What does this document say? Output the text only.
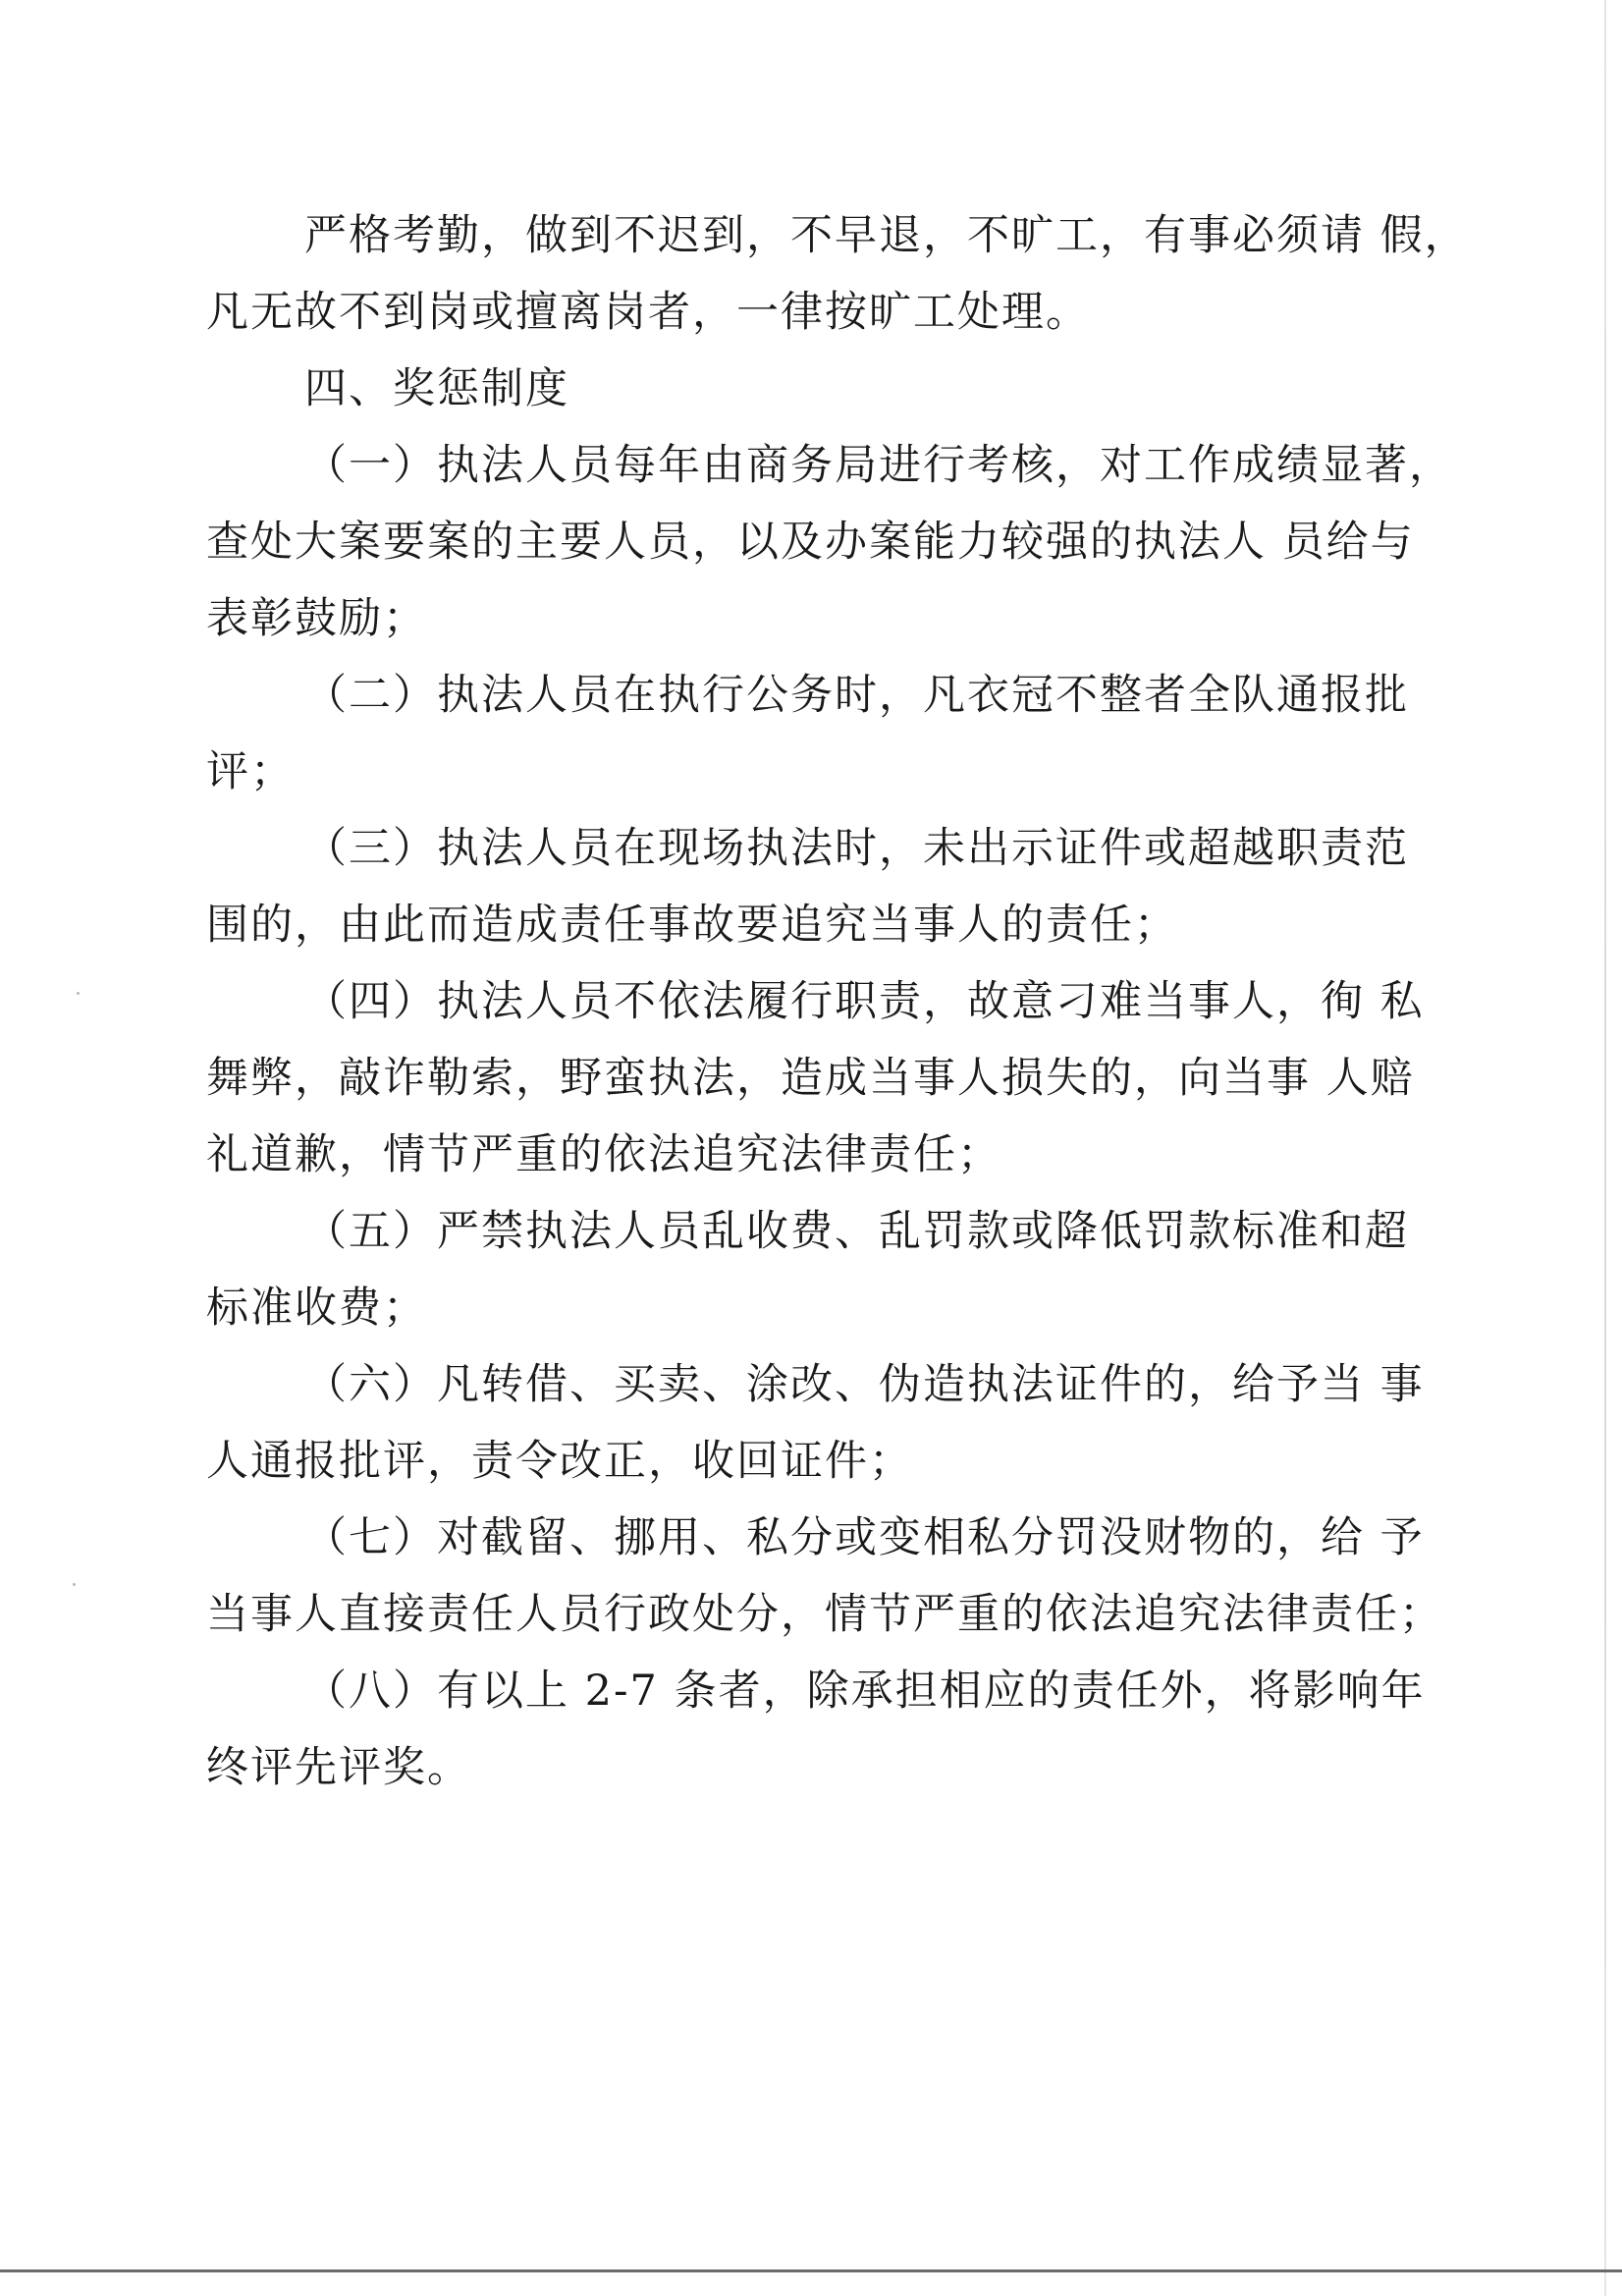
严格考勤，做到不迟到，不早退，不旷工，有事必须请 假，

凡无故不到岗或擅离岗者，一律按旷工处理。

四、奖惩制度

（一）执法人员每年由商务局进行考核，对工作成绩显著，

查处大案要案的主要人员，以及办案能力较强的执法人 员给与

表彰鼓励；

（二）执法人员在执行公务时，凡衣冠不整者全队通报批

评；

（三）执法人员在现场执法时，未出示证件或超越职责范

围的，由此而造成责任事故要追究当事人的责任；

（四）执法人员不依法履行职责，故意刁难当事人，徇 私

舞弊，敲诈勒索，野蛮执法，造成当事人损失的，向当事 人赔

礼道歉，情节严重的依法追究法律责任；

（五）严禁执法人员乱收费、乱罚款或降低罚款标准和超

标准收费；

（六）凡转借、买卖、涂改、伪造执法证件的，给予当 事

人通报批评，责令改正，收回证件；

（七）对截留、挪用、私分或变相私分罚没财物的，给 予

当事人直接责任人员行政处分，情节严重的依法追究法律责任；

（八）有以上 2-7 条者，除承担相应的责任外，将影响年

终评先评奖。
